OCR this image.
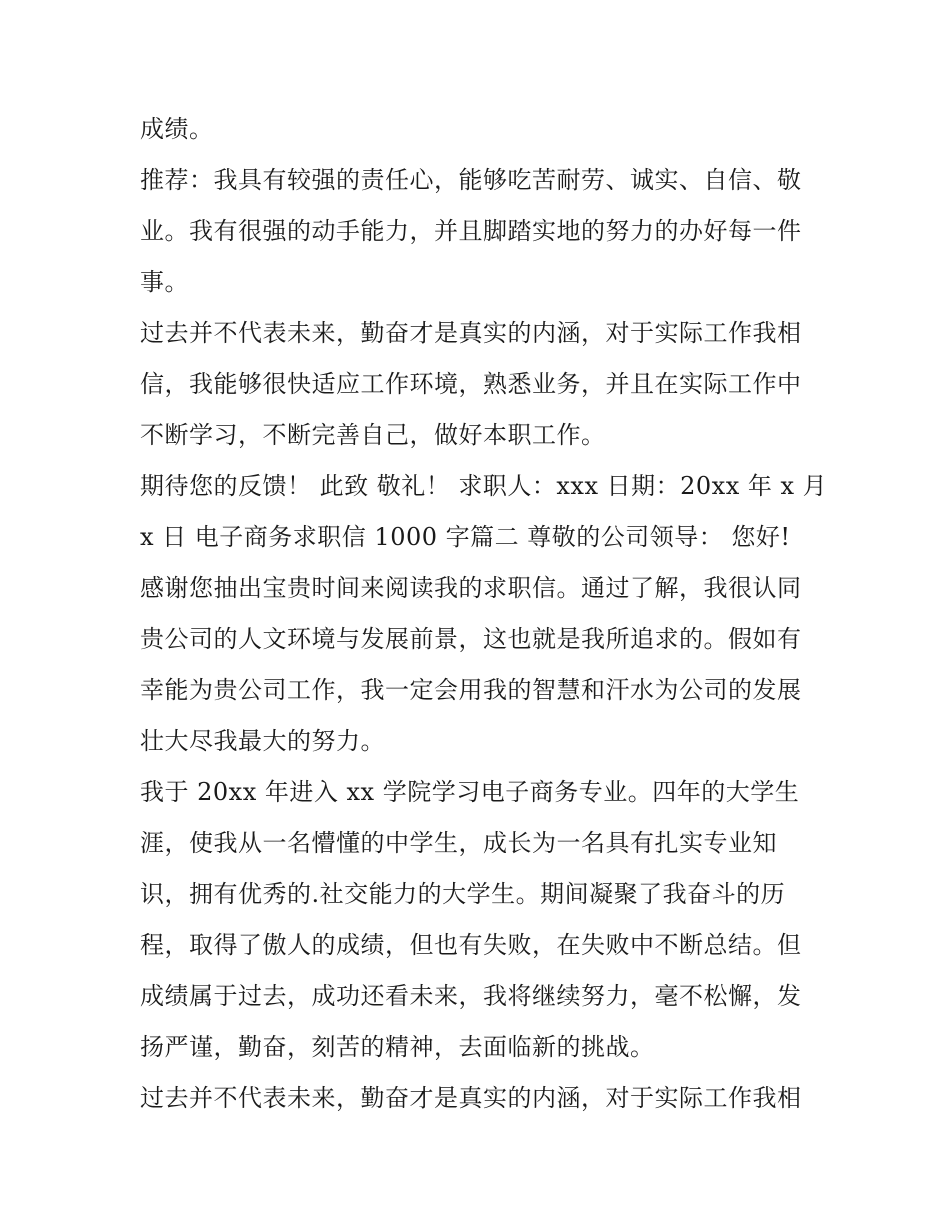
成绩。
推荐：我具有较强的责任心，能够吃苦耐劳、诚实、自信、敬
业。我有很强的动手能力，并且脚踏实地的努力的办好每一件
事。
过去并不代表未来，勤奋才是真实的内涵，对于实际工作我相
信，我能够很快适应工作环境，熟悉业务，并且在实际工作中
不断学习，不断完善自己，做好本职工作。
期待您的反馈！ 此致 敬礼！ 求职人：xxx 日期：20xx 年 x 月
x 日 电子商务求职信 1000 字篇二 尊敬的公司领导： 您好!
感谢您抽出宝贵时间来阅读我的求职信。通过了解，我很认同
贵公司的人文环境与发展前景，这也就是我所追求的。假如有
幸能为贵公司工作，我一定会用我的智慧和汗水为公司的发展
壮大尽我最大的努力。
我于 20xx 年进入 xx 学院学习电子商务专业。四年的大学生
涯，使我从一名懵懂的中学生，成长为一名具有扎实专业知
识，拥有优秀的.社交能力的大学生。期间凝聚了我奋斗的历
程，取得了傲人的成绩，但也有失败，在失败中不断总结。但
成绩属于过去，成功还看未来，我将继续努力，毫不松懈，发
扬严谨，勤奋，刻苦的精神，去面临新的挑战。
过去并不代表未来，勤奋才是真实的内涵，对于实际工作我相
